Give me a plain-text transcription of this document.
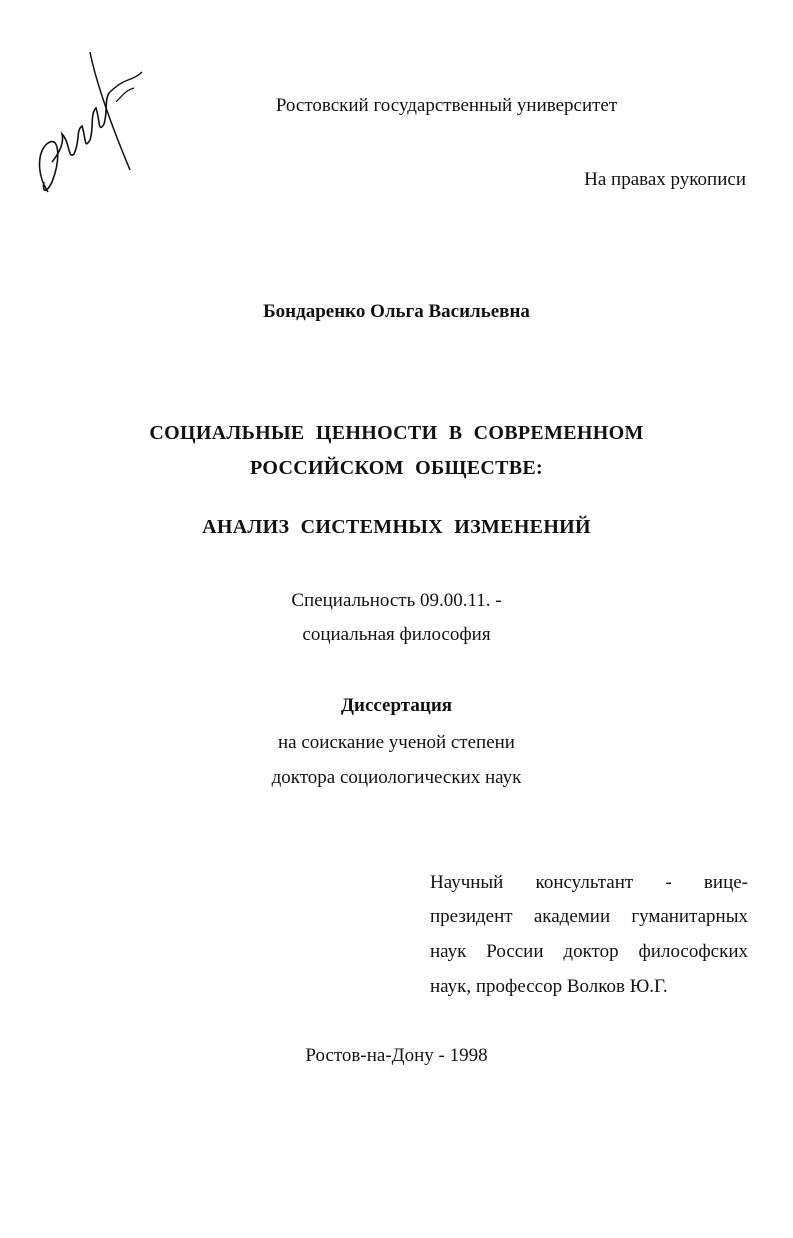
Ростовский государственный университет
На правах рукописи
Бондаренко Ольга Васильевна
СОЦИАЛЬНЫЕ ЦЕННОСТИ В СОВРЕМЕННОМ
РОССИЙСКОМ ОБЩЕСТВЕ:
АНАЛИЗ СИСТЕМНЫХ ИЗМЕНЕНИЙ
Специальность 09.00.11. -
социальная философия
Диссертация
на соискание ученой степени
доктора социологических наук
Научный консультант - вице-
президент академии гуманитарных
наук России доктор философских
наук, профессор Волков Ю.Г.
Ростов-на-Дону - 1998
